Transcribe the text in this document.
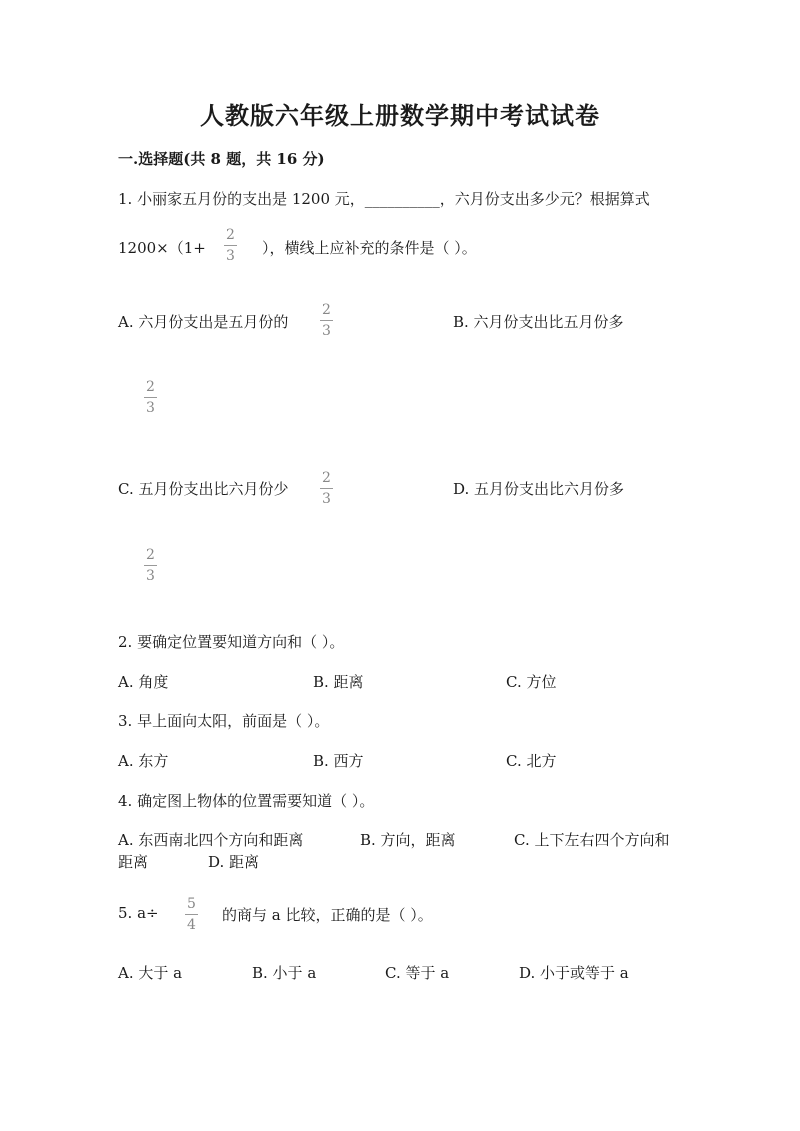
人教版六年级上册数学期中考试试卷
一.选择题(共 8 题，共 16 分)
1. 小丽家五月份的支出是 1200 元，__________，六月份支出多少元？根据算式
$1200\times(1+ \frac{2}{3}$ ），横线上应补充的条件是（ ）。
A. 六月份支出是五月份的 $\frac{2}{3}$	B. 六月份支出比五月份多
$\frac{2}{3}$
C. 五月份支出比六月份少 $\frac{2}{3}$	D. 五月份支出比六月份多
$\frac{2}{3}$
2. 要确定位置要知道方向和（ ）。
A. 角度	B. 距离	C. 方位
3. 早上面向太阳，前面是（ ）。
A. 东方	B. 西方	C. 北方
4. 确定图上物体的位置需要知道（ ）。
A. 东西南北四个方向和距离	B. 方向，距离	C. 上下左右四个方向和
距离	D. 距离
5. $a\div \frac{5}{4}$ 的商与 a 比较，正确的是（ ）。
A. 大于 a	B. 小于 a	C. 等于 a	D. 小于或等于 a
